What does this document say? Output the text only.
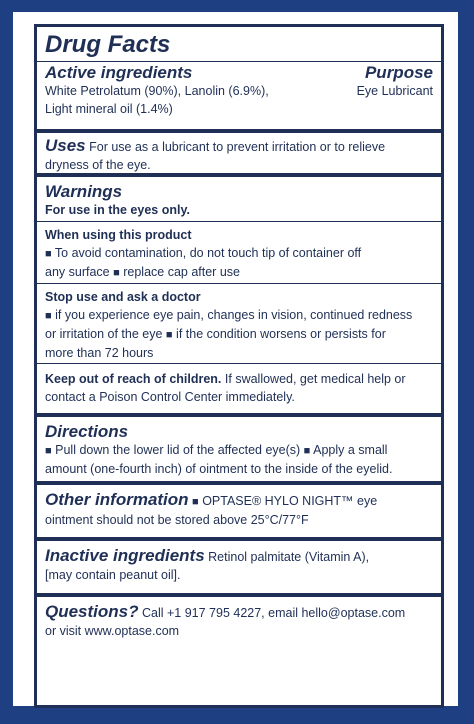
Drug Facts
Active ingredients	Purpose
White Petrolatum (90%), Lanolin (6.9%),	Eye Lubricant
Light mineral oil (1.4%)
Uses For use as a lubricant to prevent irritation or to relieve
dryness of the eye.
Warnings
For use in the eyes only.
When using this product
■ To avoid contamination, do not touch tip of container off
any surface ■ replace cap after use
Stop use and ask a doctor
■ if you experience eye pain, changes in vision, continued redness
or irritation of the eye ■ if the condition worsens or persists for
more than 72 hours
Keep out of reach of children. If swallowed, get medical help or
contact a Poison Control Center immediately.
Directions
■ Pull down the lower lid of the affected eye(s) ■ Apply a small
amount (one-fourth inch) of ointment to the inside of the eyelid.
Other information ■ OPTASE® HYLO NIGHT™ eye
ointment should not be stored above 25°C/77°F
Inactive ingredients Retinol palmitate (Vitamin A),
[may contain peanut oil].
Questions? Call +1 917 795 4227, email hello@optase.com
or visit www.optase.com
